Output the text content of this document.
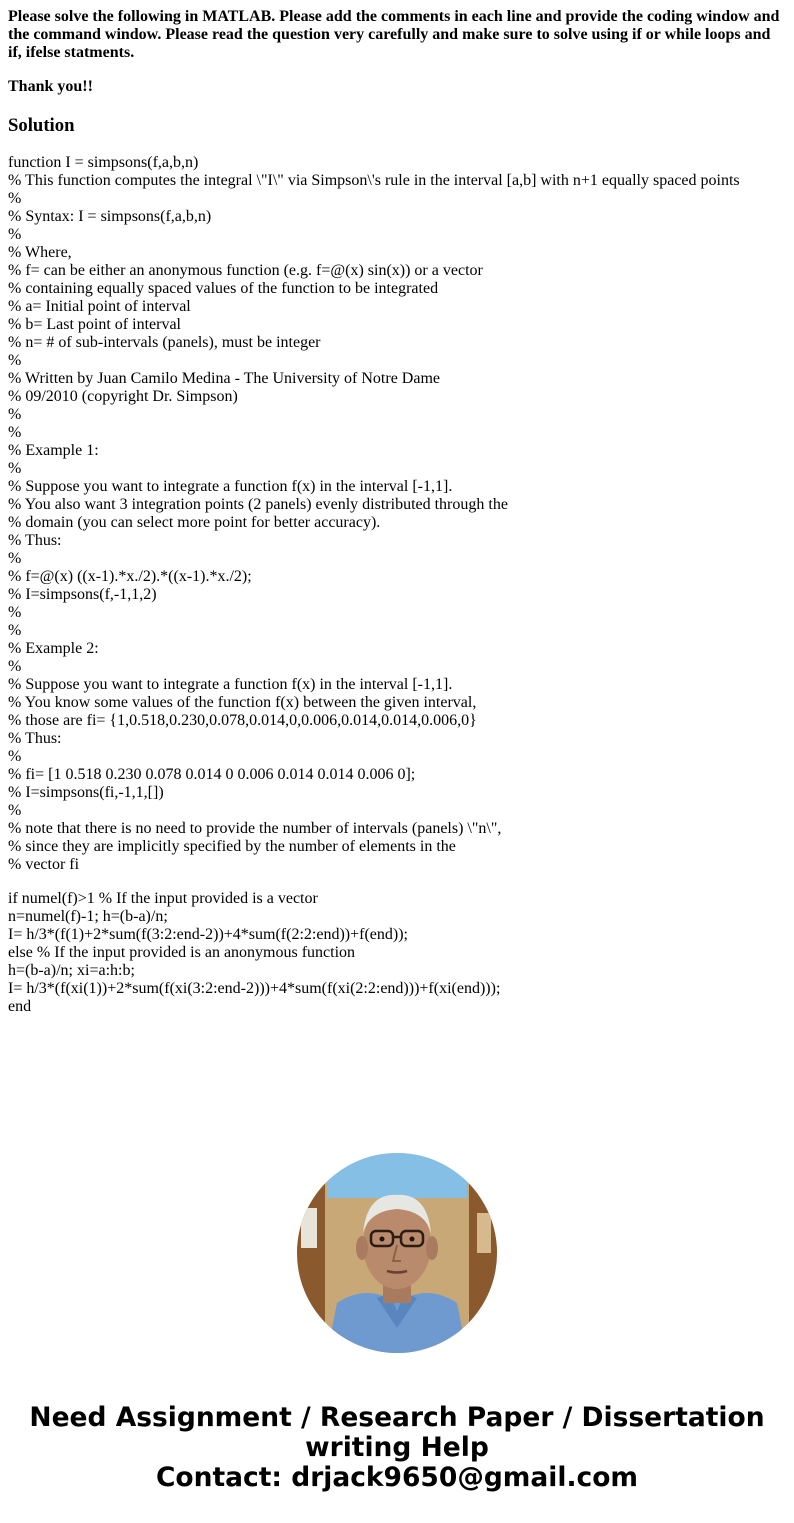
Please solve the following in MATLAB. Please add the comments in each line and provide the coding window and the command window. Please read the question very carefully and make sure to solve using if or while loops and if, ifelse statments.
Thank you!!
Solution
function I = simpsons(f,a,b,n)
% This function computes the integral \"I\" via Simpson\'s rule in the interval [a,b] with n+1 equally spaced points
%
% Syntax: I = simpsons(f,a,b,n)
%
% Where,
% f= can be either an anonymous function (e.g. f=@(x) sin(x)) or a vector
% containing equally spaced values of the function to be integrated
% a= Initial point of interval
% b= Last point of interval
% n= # of sub-intervals (panels), must be integer
%
% Written by Juan Camilo Medina - The University of Notre Dame
% 09/2010 (copyright Dr. Simpson)
%
%
% Example 1:
%
% Suppose you want to integrate a function f(x) in the interval [-1,1].
% You also want 3 integration points (2 panels) evenly distributed through the
% domain (you can select more point for better accuracy).
% Thus:
%
% f=@(x) ((x-1).*x./2).*((x-1).*x./2);
% I=simpsons(f,-1,1,2)
%
%
% Example 2:
%
% Suppose you want to integrate a function f(x) in the interval [-1,1].
% You know some values of the function f(x) between the given interval,
% those are fi= {1,0.518,0.230,0.078,0.014,0,0.006,0.014,0.014,0.006,0}
% Thus:
%
% fi= [1 0.518 0.230 0.078 0.014 0 0.006 0.014 0.014 0.006 0];
% I=simpsons(fi,-1,1,[])
%
% note that there is no need to provide the number of intervals (panels) \"n\",
% since they are implicitly specified by the number of elements in the
% vector fi
if numel(f)>1 % If the input provided is a vector
n=numel(f)-1; h=(b-a)/n;
I= h/3*(f(1)+2*sum(f(3:2:end-2))+4*sum(f(2:2:end))+f(end));
else % If the input provided is an anonymous function
h=(b-a)/n; xi=a:h:b;
I= h/3*(f(xi(1))+2*sum(f(xi(3:2:end-2)))+4*sum(f(xi(2:2:end)))+f(xi(end)));
end
Need Assignment / Research Paper / Dissertation
writing Help
Contact: drjack9650@gmail.com
